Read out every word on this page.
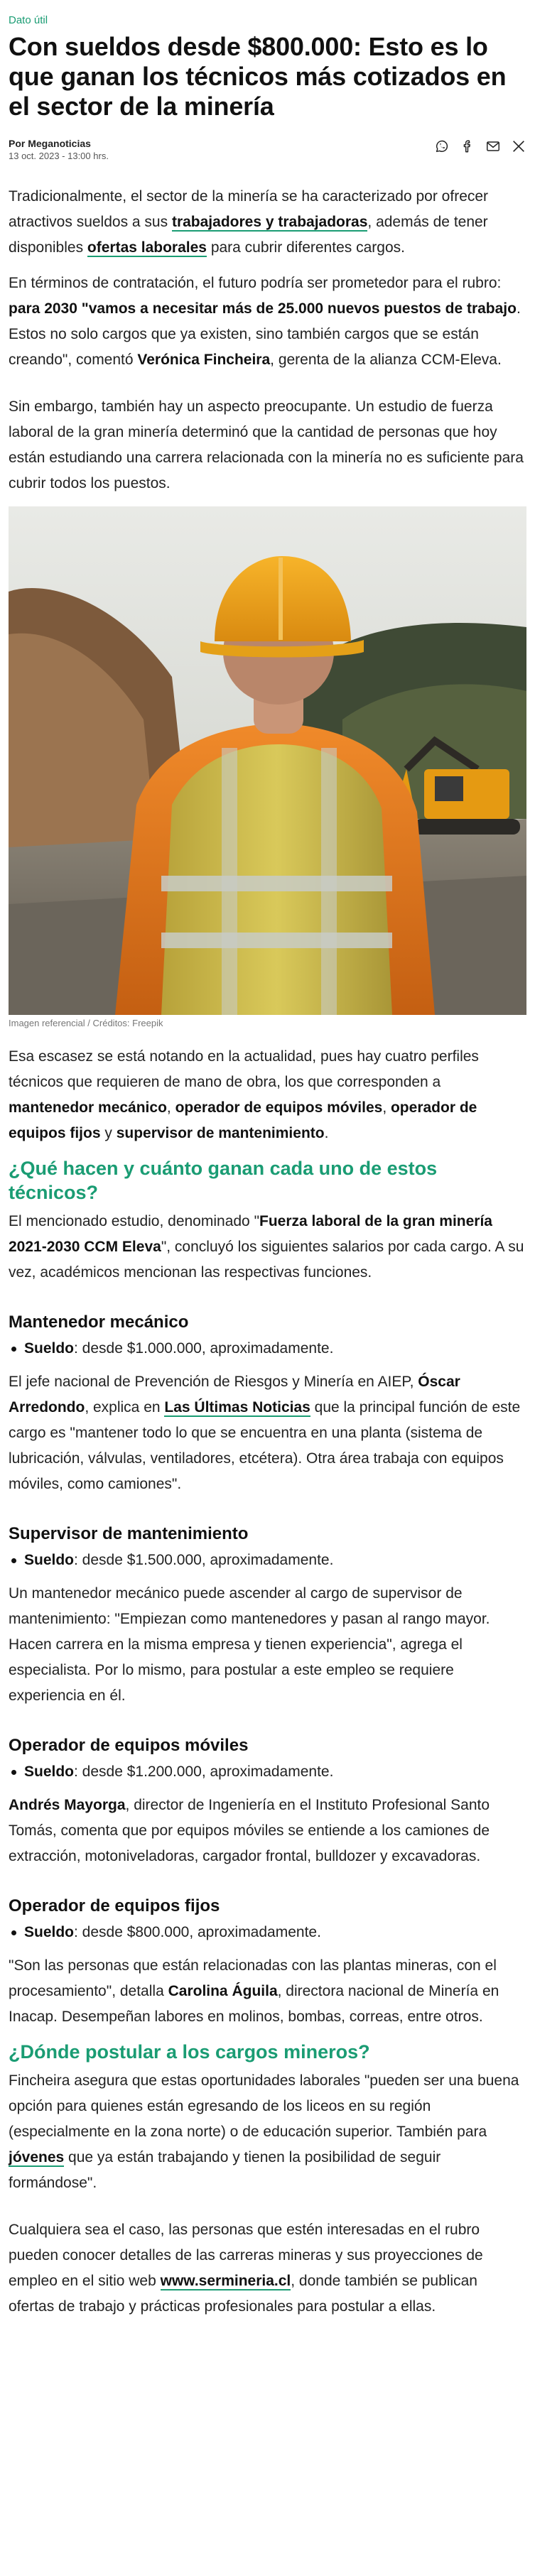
Dato útil
Con sueldos desde $800.000: Esto es lo que ganan los técnicos más cotizados en el sector de la minería
Por Meganoticias
13 oct. 2023 - 13:00 hrs.

Tradicionalmente, el sector de la minería se ha caracterizado por ofrecer atractivos sueldos a sus trabajadores y trabajadoras, además de tener disponibles ofertas laborales para cubrir diferentes cargos.

En términos de contratación, el futuro podría ser prometedor para el rubro: para 2030 "vamos a necesitar más de 25.000 nuevos puestos de trabajo. Estos no solo cargos que ya existen, sino también cargos que se están creando", comentó Verónica Fincheira, gerenta de la alianza CCM-Eleva.

Sin embargo, también hay un aspecto preocupante. Un estudio de fuerza laboral de la gran minería determinó que la cantidad de personas que hoy están estudiando una carrera relacionada con la minería no es suficiente para cubrir todos los puestos.

Imagen referencial / Créditos: Freepik

Esa escasez se está notando en la actualidad, pues hay cuatro perfiles técnicos que requieren de mano de obra, los que corresponden a mantenedor mecánico, operador de equipos móviles, operador de equipos fijos y supervisor de mantenimiento.

¿Qué hacen y cuánto ganan cada uno de estos técnicos?

El mencionado estudio, denominado "Fuerza laboral de la gran minería 2021-2030 CCM Eleva", concluyó los siguientes salarios por cada cargo. A su vez, académicos mencionan las respectivas funciones.

Mantenedor mecánico
Sueldo: desde $1.000.000, aproximadamente.

El jefe nacional de Prevención de Riesgos y Minería en AIEP, Óscar Arredondo, explica en Las Últimas Noticias que la principal función de este cargo es "mantener todo lo que se encuentra en una planta (sistema de lubricación, válvulas, ventiladores, etcétera). Otra área trabaja con equipos móviles, como camiones".

Supervisor de mantenimiento
Sueldo: desde $1.500.000, aproximadamente.

Un mantenedor mecánico puede ascender al cargo de supervisor de mantenimiento: "Empiezan como mantenedores y pasan al rango mayor. Hacen carrera en la misma empresa y tienen experiencia", agrega el especialista. Por lo mismo, para postular a este empleo se requiere experiencia en él.

Operador de equipos móviles
Sueldo: desde $1.200.000, aproximadamente.

Andrés Mayorga, director de Ingeniería en el Instituto Profesional Santo Tomás, comenta que por equipos móviles se entiende a los camiones de extracción, motoniveladoras, cargador frontal, bulldozer y excavadoras.

Operador de equipos fijos
Sueldo: desde $800.000, aproximadamente.

"Son las personas que están relacionadas con las plantas mineras, con el procesamiento", detalla Carolina Águila, directora nacional de Minería en Inacap. Desempeñan labores en molinos, bombas, correas, entre otros.

¿Dónde postular a los cargos mineros?

Fincheira asegura que estas oportunidades laborales "pueden ser una buena opción para quienes están egresando de los liceos en su región (especialmente en la zona norte) o de educación superior. También para jóvenes que ya están trabajando y tienen la posibilidad de seguir formándose".

Cualquiera sea el caso, las personas que estén interesadas en el rubro pueden conocer detalles de las carreras mineras y sus proyecciones de empleo en el sitio web www.sermineria.cl, donde también se publican ofertas de trabajo y prácticas profesionales para postular a ellas.
